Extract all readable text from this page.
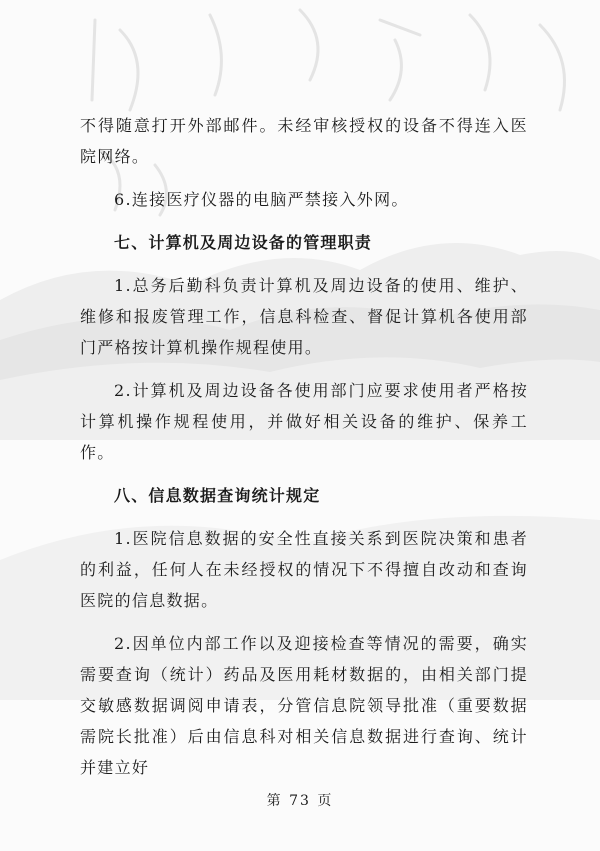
不得随意打开外部邮件。未经审核授权的设备不得连入医院网络。

6.连接医疗仪器的电脑严禁接入外网。

七、计算机及周边设备的管理职责

1.总务后勤科负责计算机及周边设备的使用、维护、维修和报废管理工作，信息科检查、督促计算机各使用部门严格按计算机操作规程使用。

2.计算机及周边设备各使用部门应要求使用者严格按计算机操作规程使用，并做好相关设备的维护、保养工作。

八、信息数据查询统计规定

1.医院信息数据的安全性直接关系到医院决策和患者的利益，任何人在未经授权的情况下不得擅自改动和查询医院的信息数据。

2.因单位内部工作以及迎接检查等情况的需要，确实需要查询（统计）药品及医用耗材数据的，由相关部门提交敏感数据调阅申请表，分管信息院领导批准（重要数据需院长批准）后由信息科对相关信息数据进行查询、统计并建立好

第 73 页
